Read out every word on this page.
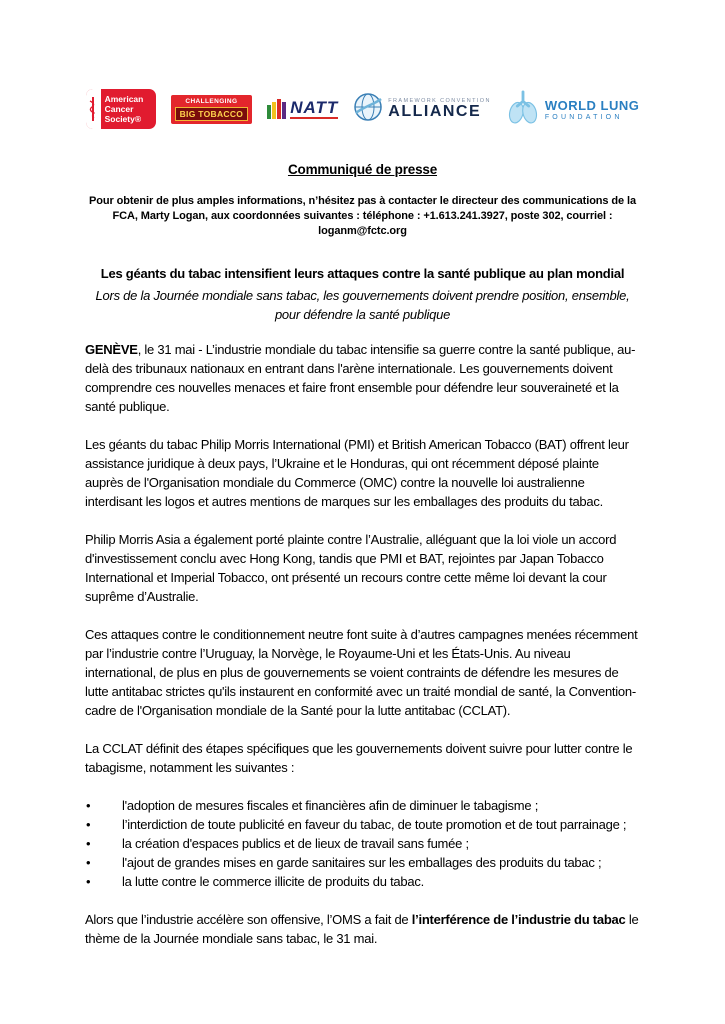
American
Cancer
Society®
CHALLENGING
BIG TOBACCO	NATT	FRAMEWORK CONVENTION
ALLIANCE	WORLD LUNG
FOUNDATION
Communiqué de presse

Pour obtenir de plus amples informations, n’hésitez pas à contacter le directeur des communications de la FCA, Marty Logan, aux coordonnées suivantes : téléphone : +1.613.241.3927, poste 302, courriel : loganm@fctc.org

Les géants du tabac intensifient leurs attaques contre la santé publique au plan mondial
Lors de la Journée mondiale sans tabac, les gouvernements doivent prendre position, ensemble, pour défendre la santé publique

GENÈVE, le 31 mai - L’industrie mondiale du tabac intensifie sa guerre contre la santé publique, au-delà des tribunaux nationaux en entrant dans l'arène internationale. Les gouvernements doivent comprendre ces nouvelles menaces et faire front ensemble pour défendre leur souveraineté et la santé publique.

Les géants du tabac Philip Morris International (PMI) et British American Tobacco (BAT) offrent leur assistance juridique à deux pays, l’Ukraine et le Honduras, qui ont récemment déposé plainte auprès de l'Organisation mondiale du Commerce (OMC) contre la nouvelle loi australienne interdisant les logos et autres mentions de marques sur les emballages des produits du tabac.

Philip Morris Asia a également porté plainte contre l’Australie, alléguant que la loi viole un accord d'investissement conclu avec Hong Kong, tandis que PMI et BAT, rejointes par Japan Tobacco International et Imperial Tobacco, ont présenté un recours contre cette même loi devant la cour suprême d’Australie.

Ces attaques contre le conditionnement neutre font suite à d’autres campagnes menées récemment par l’industrie contre l’Uruguay, la Norvège, le Royaume-Uni et les États-Unis. Au niveau international, de plus en plus de gouvernements se voient contraints de défendre les mesures de lutte antitabac strictes qu'ils instaurent en conformité avec un traité mondial de santé, la Convention-cadre de l'Organisation mondiale de la Santé pour la lutte antitabac (CCLAT).

La CCLAT définit des étapes spécifiques que les gouvernements doivent suivre pour lutter contre le tabagisme, notamment les suivantes :

• l'adoption de mesures fiscales et financières afin de diminuer le tabagisme ;
• l’interdiction de toute publicité en faveur du tabac, de toute promotion et de tout parrainage ;
• la création d'espaces publics et de lieux de travail sans fumée ;
• l'ajout de grandes mises en garde sanitaires sur les emballages des produits du tabac ;
• la lutte contre le commerce illicite de produits du tabac.

Alors que l’industrie accélère son offensive, l’OMS a fait de l’interférence de l’industrie du tabac le thème de la Journée mondiale sans tabac, le 31 mai.
